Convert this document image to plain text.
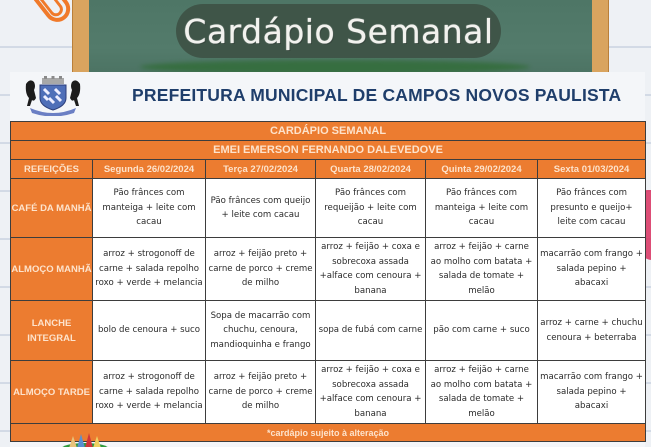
Cardápio Semanal
PREFEITURA MUNICIPAL DE CAMPOS NOVOS PAULISTA
CARDÁPIO SEMANAL					
EMEI EMERSON FERNANDO DALEVEDOVE					
REFEIÇÕES	Segunda 26/02/2024	Terça 27/02/2024	Quarta 28/02/2024	Quinta 29/02/2024	Sexta 01/03/2024
CAFÉ DA MANHÃ	Pão frânces com manteiga + leite com cacau	Pão frânces com queijo + leite com cacau	Pão frânces com requeijão + leite com cacau	Pão frânces com manteiga + leite com cacau	Pão frânces com presunto e queijo+ leite com cacau
ALMOÇO MANHÃ	arroz + strogonoff de carne + salada repolho roxo + verde + melancia	arroz + feijão preto + carne de porco + creme de milho	arroz + feijão + coxa e sobrecoxa assada +alface com cenoura + banana	arroz + feijão + carne ao molho com batata + salada de tomate + melão	macarrão com frango + salada pepino + abacaxi
LANCHE INTEGRAL	bolo de cenoura + suco	Sopa de macarrão com chuchu, cenoura, mandioquinha e frango	sopa de fubá com carne	pão com carne + suco	arroz + carne + chuchu cenoura + beterraba
ALMOÇO TARDE	arroz + strogonoff de carne + salada repolho roxo + verde + melancia	arroz + feijão preto + carne de porco + creme de milho	arroz + feijão + coxa e sobrecoxa assada +alface com cenoura + banana	arroz + feijão + carne ao molho com batata + salada de tomate + melão	macarrão com frango + salada pepino + abacaxi
*cardápio sujeito à alteração					
